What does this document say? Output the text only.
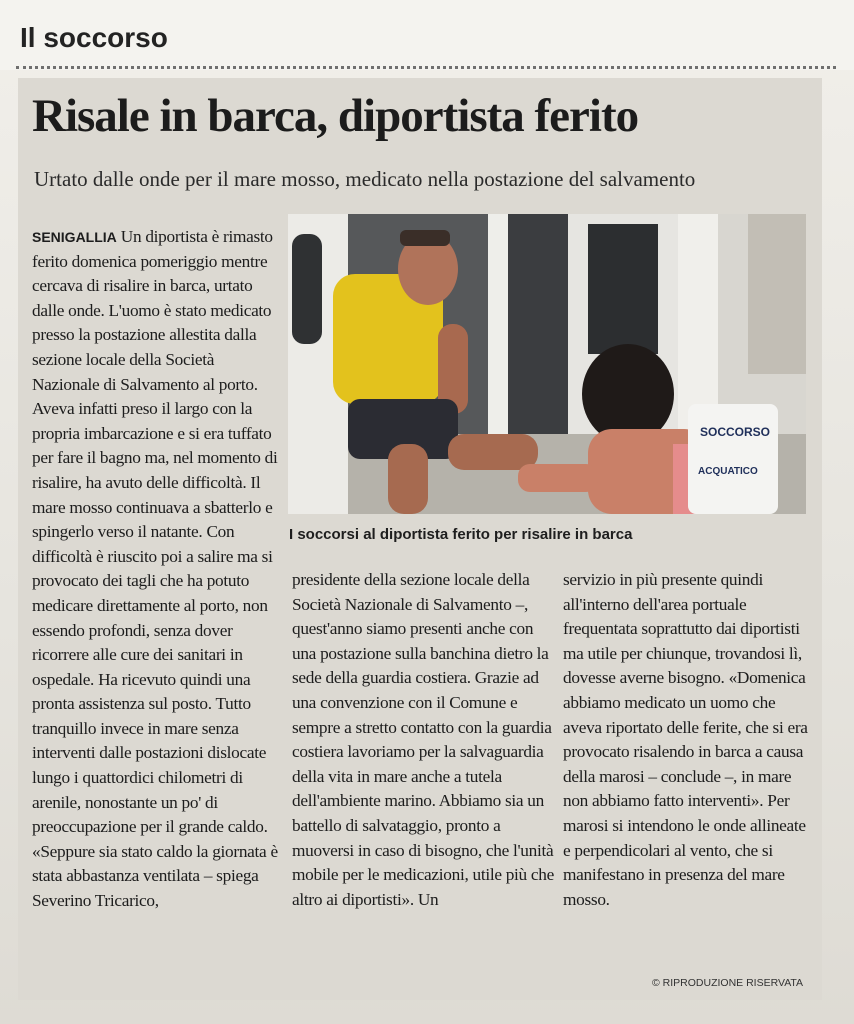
Il soccorso
Risale in barca, diportista ferito
Urtato dalle onde per il mare mosso, medicato nella postazione del salvamento
SENIGALLIA Un diportista è rimasto ferito domenica pomeriggio mentre cercava di risalire in barca, urtato dalle onde. L'uomo è stato medicato presso la postazione allestita dalla sezione locale della Società Nazionale di Salvamento al porto. Aveva infatti preso il largo con la propria imbarcazione e si era tuffato per fare il bagno ma, nel momento di risalire, ha avuto delle difficoltà. Il mare mosso continuava a sbatterlo e spingerlo verso il natante. Con difficoltà è riuscito poi a salire ma si provocato dei tagli che ha potuto medicare direttamente al porto, non essendo profondi, senza dover ricorrere alle cure dei sanitari in ospedale. Ha ricevuto quindi una pronta assistenza sul posto. Tutto tranquillo invece in mare senza interventi dalle postazioni dislocate lungo i quattordici chilometri di arenile, nonostante un po' di preoccupazione per il grande caldo. «Seppure sia stato caldo la giornata è stata abbastanza ventilata – spiega Severino Tricarico,
SOCCORSO
ACQUATICO
I soccorsi al diportista ferito per risalire in barca
presidente della sezione locale della Società Nazionale di Salvamento –, quest'anno siamo presenti anche con una postazione sulla banchina dietro la sede della guardia costiera. Grazie ad una convenzione con il Comune e sempre a stretto contatto con la guardia costiera lavoriamo per la salvaguardia della vita in mare anche a tutela dell'ambiente marino. Abbiamo sia un battello di salvataggio, pronto a muoversi in caso di bisogno, che l'unità mobile per le medicazioni, utile più che altro ai diportisti». Un
servizio in più presente quindi all'interno dell'area portuale frequentata soprattutto dai diportisti ma utile per chiunque, trovandosi lì, dovesse averne bisogno. «Domenica abbiamo medicato un uomo che aveva riportato delle ferite, che si era provocato risalendo in barca a causa della marosi – conclude –, in mare non abbiamo fatto interventi». Per marosi si intendono le onde allineate e perpendicolari al vento, che si manifestano in presenza del mare mosso.
© RIPRODUZIONE RISERVATA
